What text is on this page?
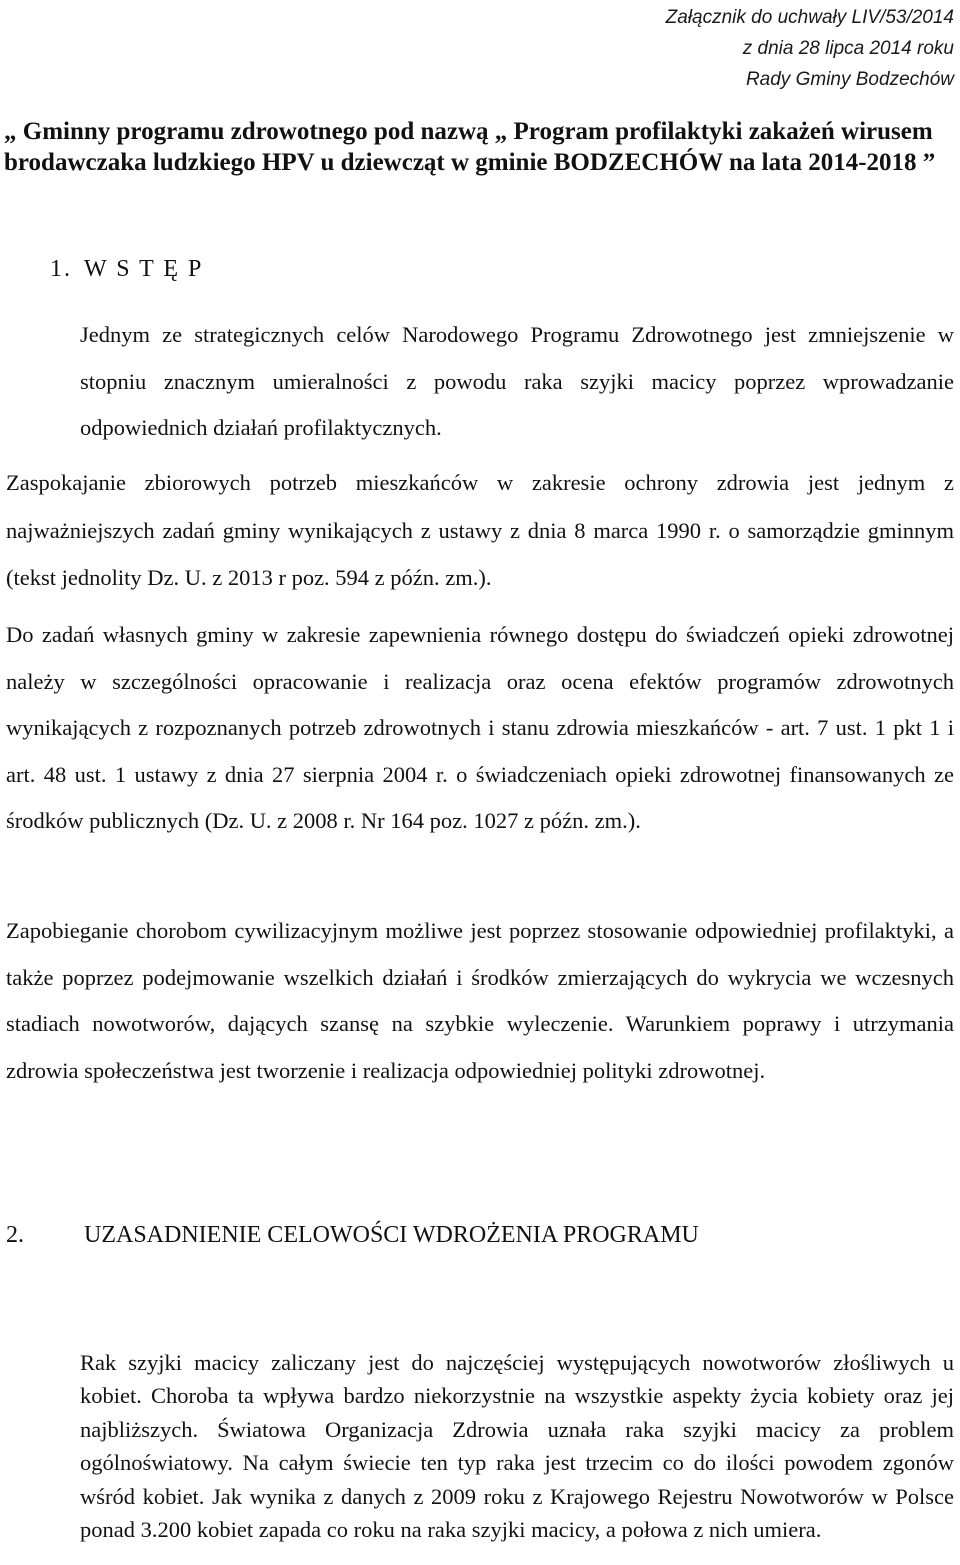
Załącznik do uchwały LIV/53/2014
z dnia 28 lipca 2014 roku
Rady Gminy Bodzechów
„ Gminny programu zdrowotnego pod nazwą „ Program profilaktyki zakażeń wirusem brodawczaka ludzkiego HPV u dziewcząt w gminie BODZECHÓW na lata 2014-2018 ”
1. W S T Ę P

Jednym ze strategicznych celów Narodowego Programu Zdrowotnego jest zmniejszenie w stopniu znacznym umieralności z powodu raka szyjki macicy poprzez wprowadzanie odpowiednich działań profilaktycznych.

Zaspokajanie zbiorowych potrzeb mieszkańców w zakresie ochrony zdrowia jest jednym z najważniejszych zadań gminy wynikających z ustawy z dnia 8 marca 1990 r. o samorządzie gminnym (tekst jednolity Dz. U. z 2013 r poz. 594 z późn. zm.).

Do zadań własnych gminy w zakresie zapewnienia równego dostępu do świadczeń opieki zdrowotnej należy w szczególności opracowanie i realizacja oraz ocena efektów programów zdrowotnych wynikających z rozpoznanych potrzeb zdrowotnych i stanu zdrowia mieszkańców - art. 7 ust. 1 pkt 1 i art. 48 ust. 1 ustawy z dnia 27 sierpnia 2004 r. o świadczeniach opieki zdrowotnej finansowanych ze środków publicznych (Dz. U. z 2008 r. Nr 164 poz. 1027 z późn. zm.).

Zapobieganie chorobom cywilizacyjnym możliwe jest poprzez stosowanie odpowiedniej profilaktyki, a także poprzez podejmowanie wszelkich działań i środków zmierzających do wykrycia we wczesnych stadiach nowotworów, dających szansę na szybkie wyleczenie. Warunkiem poprawy i utrzymania zdrowia społeczeństwa jest tworzenie i realizacja odpowiedniej polityki zdrowotnej.

2.	UZASADNIENIE CELOWOŚCI WDROŻENIA PROGRAMU

Rak szyjki macicy zaliczany jest do najczęściej występujących nowotworów złośliwych u kobiet. Choroba ta wpływa bardzo niekorzystnie na wszystkie aspekty życia kobiety oraz jej najbliższych. Światowa Organizacja Zdrowia uznała raka szyjki macicy za problem ogólnoświatowy. Na całym świecie ten typ raka jest trzecim co do ilości powodem zgonów wśród kobiet. Jak wynika z danych z 2009 roku z Krajowego Rejestru Nowotworów w Polsce ponad 3.200 kobiet zapada co roku na raka szyjki macicy, a połowa z nich umiera.
